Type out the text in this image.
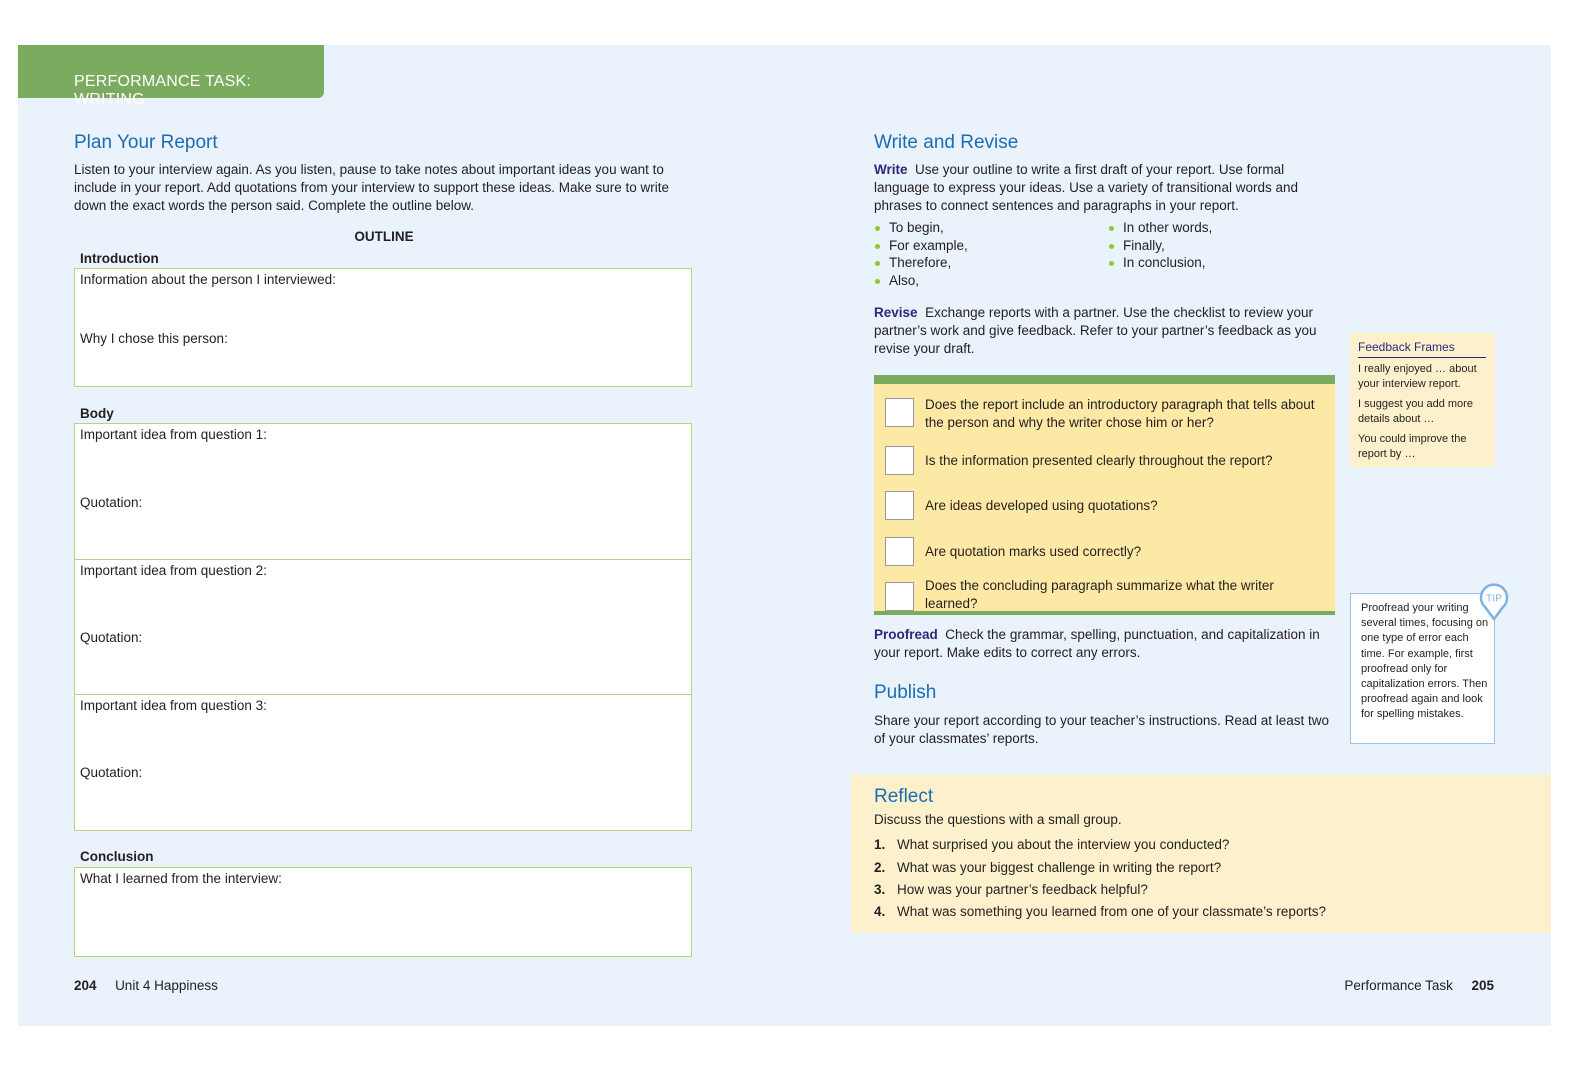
PERFORMANCE TASK: WRITING
Plan Your Report
Listen to your interview again. As you listen, pause to take notes about important ideas you want to include in your report. Add quotations from your interview to support these ideas. Make sure to write down the exact words the person said. Complete the outline below.
OUTLINE
Introduction
Information about the person I interviewed:
Why I chose this person:
Body
Important idea from question 1:
Quotation:
Important idea from question 2:
Quotation:
Important idea from question 3:
Quotation:
Conclusion
What I learned from the interview:
204 Unit 4 Happiness
Write and Revise
Write Use your outline to write a first draft of your report. Use formal language to express your ideas. Use a variety of transitional words and phrases to connect sentences and paragraphs in your report.
To begin,
For example,
Therefore,
Also,
In other words,
Finally,
In conclusion,
Revise Exchange reports with a partner. Use the checklist to review your partner’s work and give feedback. Refer to your partner’s feedback as you revise your draft.
Does the report include an introductory paragraph that tells about the person and why the writer chose him or her?
Is the information presented clearly throughout the report?
Are ideas developed using quotations?
Are quotation marks used correctly?
Does the concluding paragraph summarize what the writer learned?
Proofread Check the grammar, spelling, punctuation, and capitalization in your report. Make edits to correct any errors.
Publish
Share your report according to your teacher’s instructions. Read at least two of your classmates’ reports.
Feedback Frames
I really enjoyed … about your interview report.
I suggest you add more details about …
You could improve the report by …
Proofread your writing several times, focusing on one type of error each time. For example, first proofread only for capitalization errors. Then proofread again and look for spelling mistakes.
TIP
Reflect
Discuss the questions with a small group.
1. What surprised you about the interview you conducted?
2. What was your biggest challenge in writing the report?
3. How was your partner’s feedback helpful?
4. What was something you learned from one of your classmate’s reports?
Performance Task 205
